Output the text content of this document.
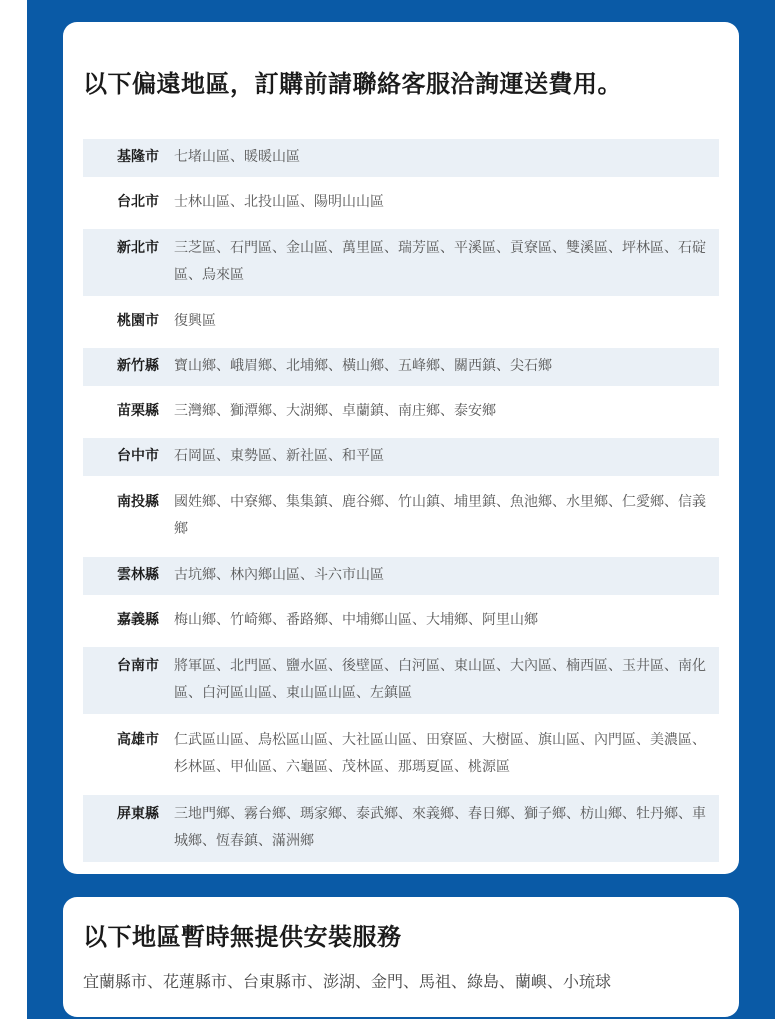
以下偏遠地區，訂購前請聯絡客服洽詢運送費用。
基隆市	七堵山區、暖暖山區
台北市	士林山區、北投山區、陽明山山區
新北市	三芝區、石門區、金山區、萬里區、瑞芳區、平溪區、貢寮區、雙溪區、坪林區、石碇區、烏來區
桃園市	復興區
新竹縣	寶山鄉、峨眉鄉、北埔鄉、橫山鄉、五峰鄉、關西鎮、尖石鄉
苗栗縣	三灣鄉、獅潭鄉、大湖鄉、卓蘭鎮、南庄鄉、泰安鄉
台中市	石岡區、東勢區、新社區、和平區
南投縣	國姓鄉、中寮鄉、集集鎮、鹿谷鄉、竹山鎮、埔里鎮、魚池鄉、水里鄉、仁愛鄉、信義鄉
雲林縣	古坑鄉、林內鄉山區、斗六市山區
嘉義縣	梅山鄉、竹崎鄉、番路鄉、中埔鄉山區、大埔鄉、阿里山鄉
台南市	將軍區、北門區、鹽水區、後壁區、白河區、東山區、大內區、楠西區、玉井區、南化區、白河區山區、東山區山區、左鎮區
高雄市	仁武區山區、鳥松區山區、大社區山區、田寮區、大樹區、旗山區、內門區、美濃區、杉林區、甲仙區、六龜區、茂林區、那瑪夏區、桃源區
屏東縣	三地門鄉、霧台鄉、瑪家鄉、泰武鄉、來義鄉、春日鄉、獅子鄉、枋山鄉、牡丹鄉、車城鄉、恆春鎮、滿洲鄉
以下地區暫時無提供安裝服務
宜蘭縣市、花蓮縣市、台東縣市、澎湖、金門、馬祖、綠島、蘭嶼、小琉球
